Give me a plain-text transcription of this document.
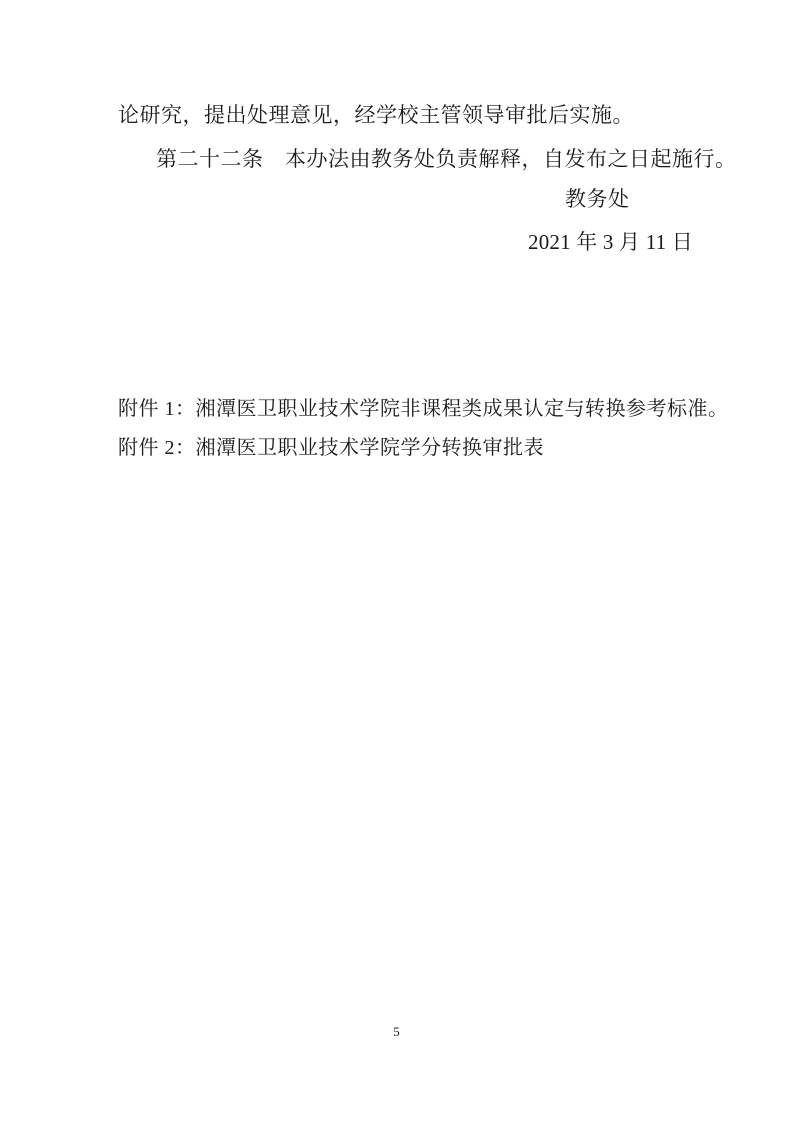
论研究，提出处理意见，经学校主管领导审批后实施。
第二十二条　本办法由教务处负责解释，自发布之日起施行。
教务处
2021 年 3 月 11 日
附件 1：湘潭医卫职业技术学院非课程类成果认定与转换参考标准。
附件 2：湘潭医卫职业技术学院学分转换审批表
5
